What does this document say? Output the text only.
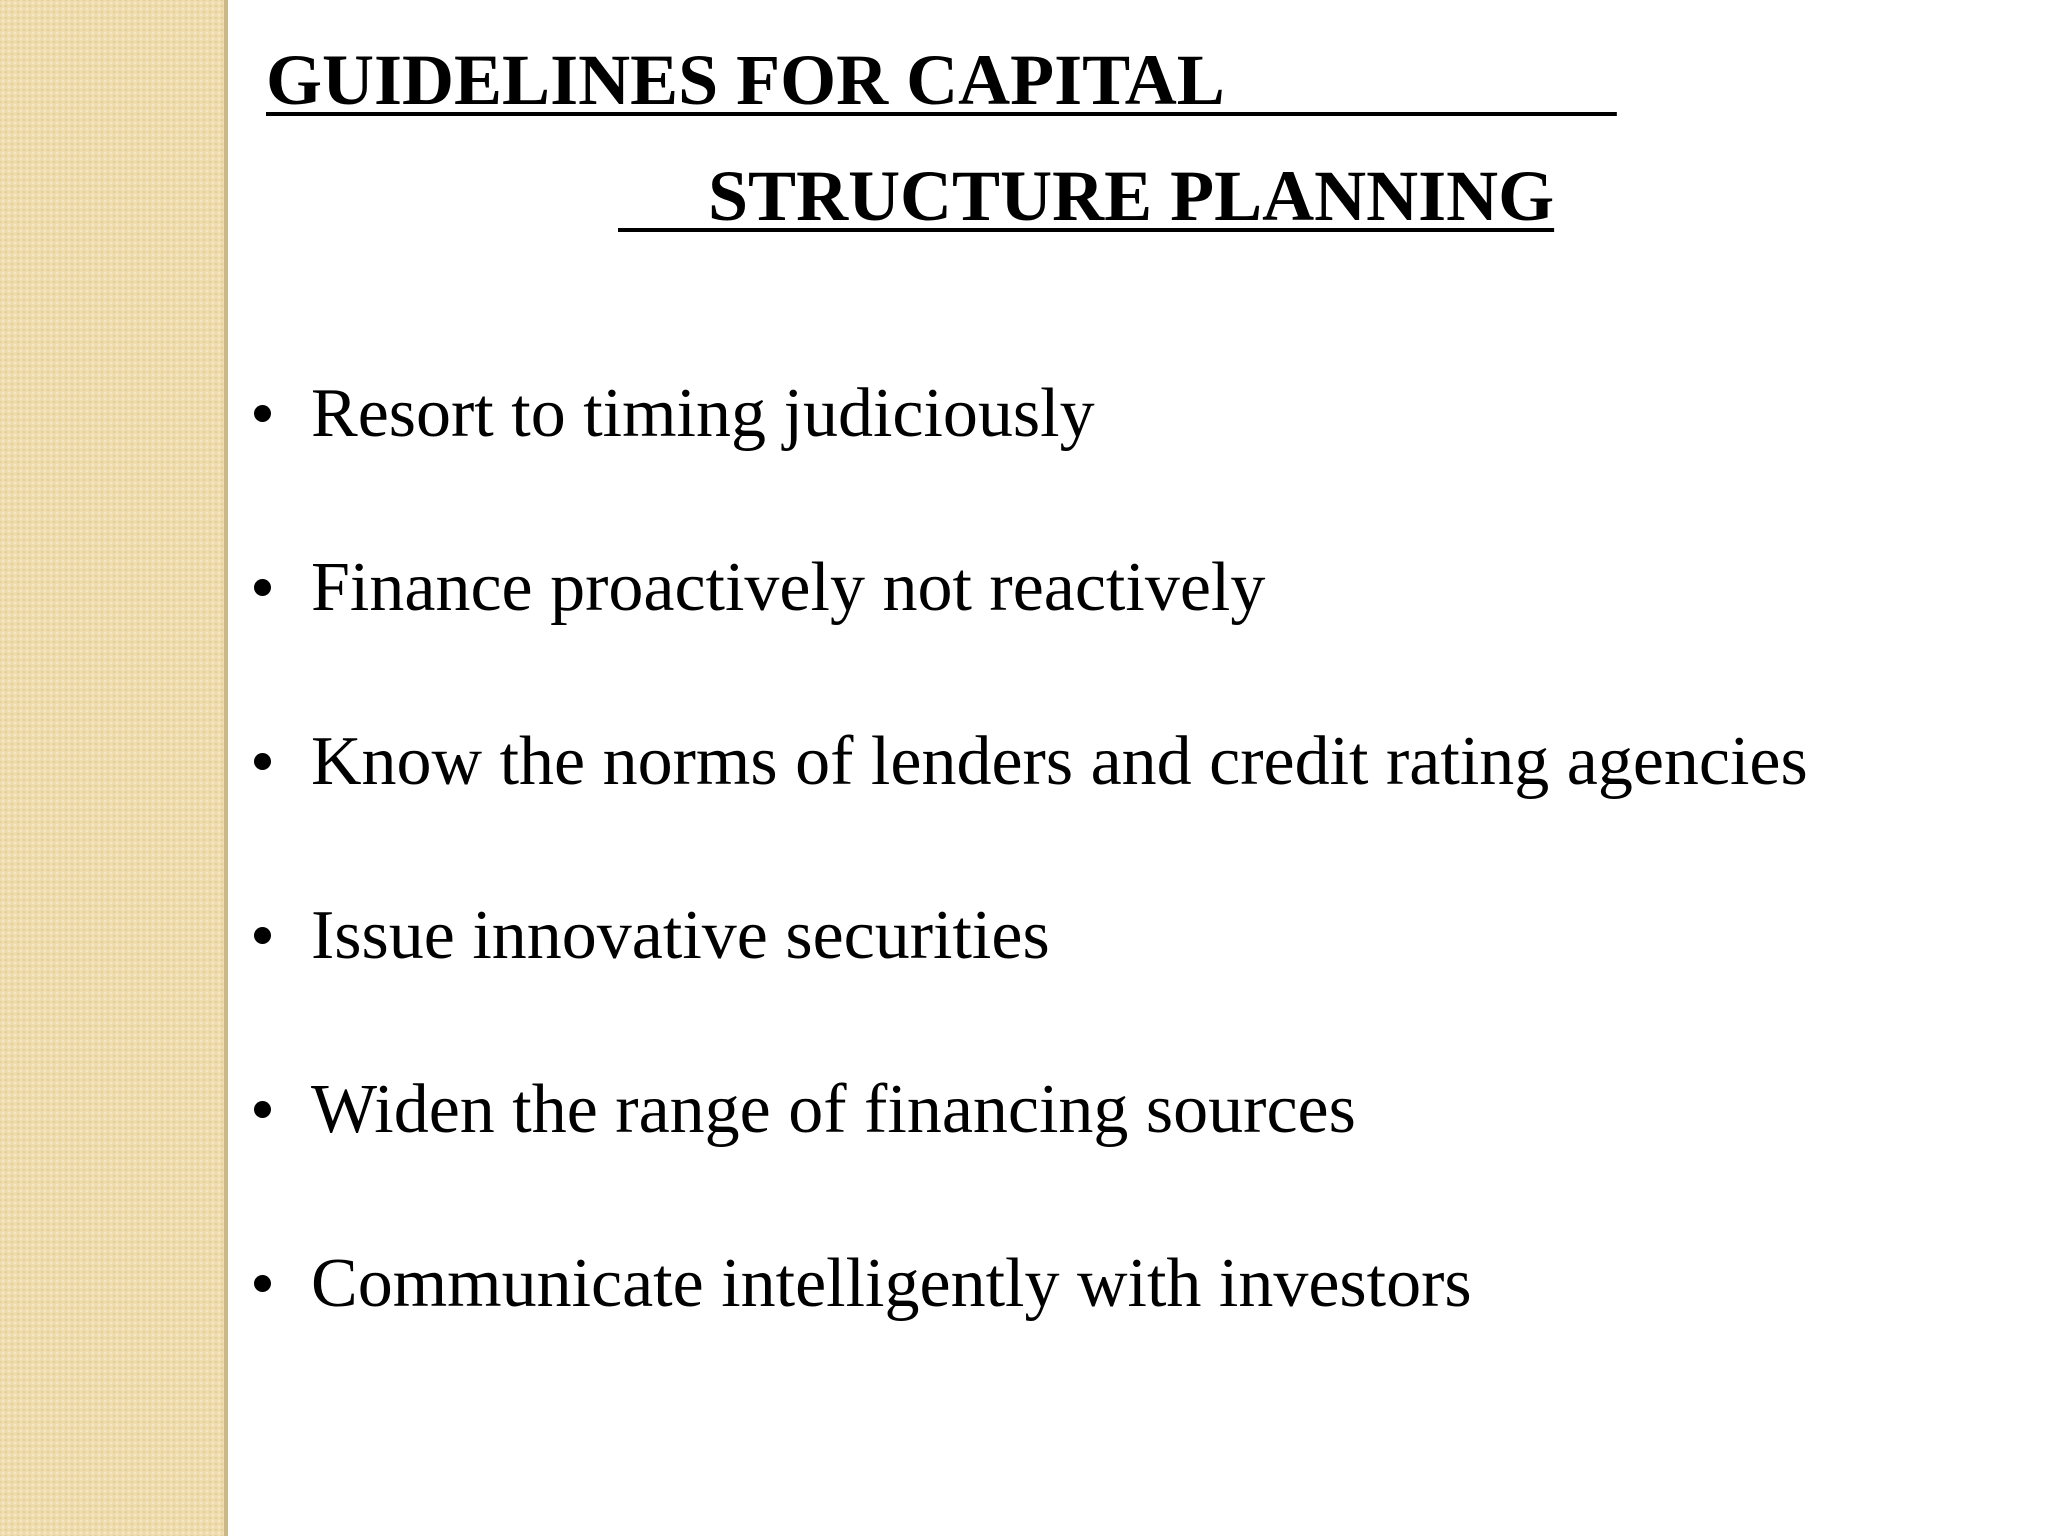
GUIDELINES FOR CAPITAL
STRUCTURE PLANNING
Resort to timing judiciously
Finance proactively not reactively
Know the norms of lenders and credit rating agencies
Issue innovative securities
Widen the range of financing sources
Communicate intelligently with investors
